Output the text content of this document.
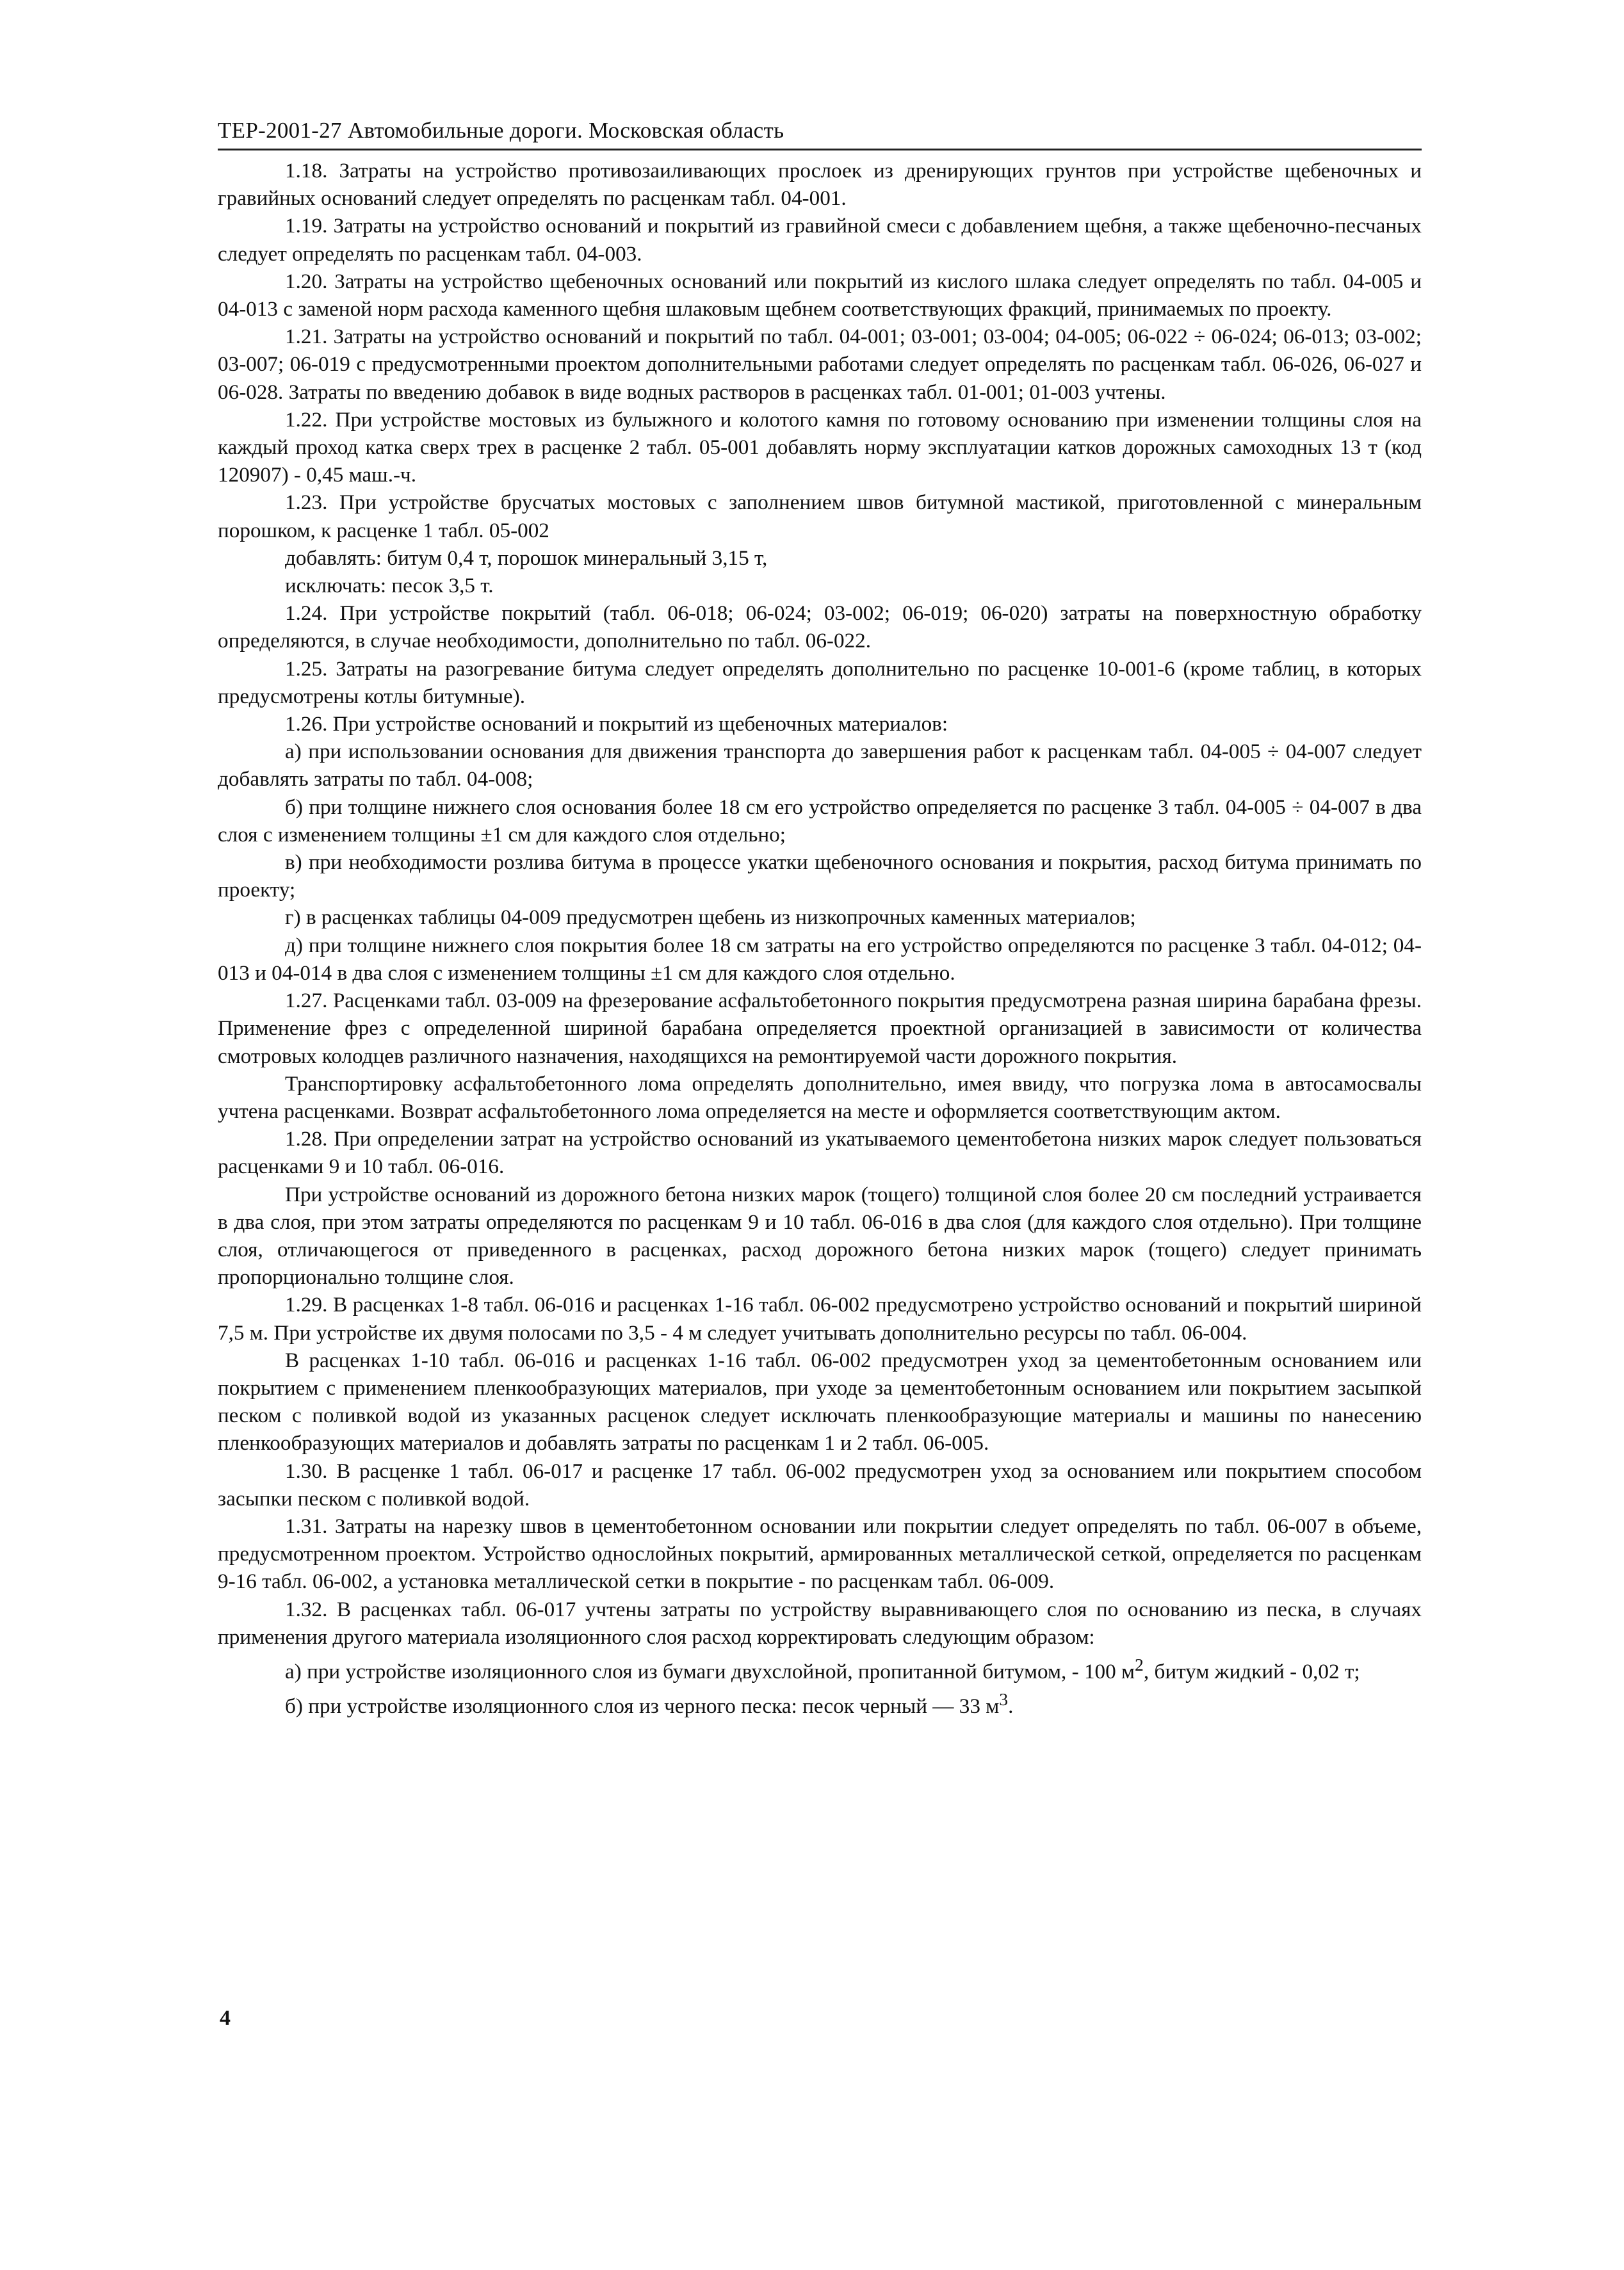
ТЕР-2001-27 Автомобильные дороги. Московская область

1.18. Затраты на устройство противозаиливающих прослоек из дренирующих грунтов при устройстве щебеночных и гравийных оснований следует определять по расценкам табл. 04-001.

1.19. Затраты на устройство оснований и покрытий из гравийной смеси с добавлением щебня, а также щебеночно-песчаных следует определять по расценкам табл. 04-003.

1.20. Затраты на устройство щебеночных оснований или покрытий из кислого шлака следует определять по табл. 04-005 и 04-013 с заменой норм расхода каменного щебня шлаковым щебнем соответствующих фракций, принимаемых по проекту.

1.21. Затраты на устройство оснований и покрытий по табл. 04-001; 03-001; 03-004; 04-005; 06-022 ÷ 06-024; 06-013; 03-002; 03-007; 06-019 с предусмотренными проектом дополнительными работами следует определять по расценкам табл. 06-026, 06-027 и 06-028. Затраты по введению добавок в виде водных растворов в расценках табл. 01-001; 01-003 учтены.

1.22. При устройстве мостовых из булыжного и колотого камня по готовому основанию при изменении толщины слоя на каждый проход катка сверх трех в расценке 2 табл. 05-001 добавлять норму эксплуатации катков дорожных самоходных 13 т (код 120907) - 0,45 маш.-ч.

1.23. При устройстве брусчатых мостовых с заполнением швов битумной мастикой, приготовленной с минеральным порошком, к расценке 1 табл. 05-002

добавлять: битум 0,4 т, порошок минеральный 3,15 т,

исключать: песок 3,5 т.

1.24. При устройстве покрытий (табл. 06-018; 06-024; 03-002; 06-019; 06-020) затраты на поверхностную обработку определяются, в случае необходимости, дополнительно по табл. 06-022.

1.25. Затраты на разогревание битума следует определять дополнительно по расценке 10-001-6 (кроме таблиц, в которых предусмотрены котлы битумные).

1.26. При устройстве оснований и покрытий из щебеночных материалов:

а) при использовании основания для движения транспорта до завершения работ к расценкам табл. 04-005 ÷ 04-007 следует добавлять затраты по табл. 04-008;

б) при толщине нижнего слоя основания более 18 см его устройство определяется по расценке 3 табл. 04-005 ÷ 04-007 в два слоя с изменением толщины ±1 см для каждого слоя отдельно;

в) при необходимости розлива битума в процессе укатки щебеночного основания и покрытия, расход битума принимать по проекту;

г) в расценках таблицы 04-009 предусмотрен щебень из низкопрочных каменных материалов;

д) при толщине нижнего слоя покрытия более 18 см затраты на его устройство определяются по расценке 3 табл. 04-012; 04-013 и 04-014 в два слоя с изменением толщины ±1 см для каждого слоя отдельно.

1.27. Расценками табл. 03-009 на фрезерование асфальтобетонного покрытия предусмотрена разная ширина барабана фрезы. Применение фрез с определенной шириной барабана определяется проектной организацией в зависимости от количества смотровых колодцев различного назначения, находящихся на ремонтируемой части дорожного покрытия.

Транспортировку асфальтобетонного лома определять дополнительно, имея ввиду, что погрузка лома в автосамосвалы учтена расценками. Возврат асфальтобетонного лома определяется на месте и оформляется соответствующим актом.

1.28. При определении затрат на устройство оснований из укатываемого цементобетона низких марок следует пользоваться расценками 9 и 10 табл. 06-016.

При устройстве оснований из дорожного бетона низких марок (тощего) толщиной слоя более 20 см последний устраивается в два слоя, при этом затраты определяются по расценкам 9 и 10 табл. 06-016 в два слоя (для каждого слоя отдельно). При толщине слоя, отличающегося от приведенного в расценках, расход дорожного бетона низких марок (тощего) следует принимать пропорционально толщине слоя.

1.29. В расценках 1-8 табл. 06-016 и расценках 1-16 табл. 06-002 предусмотрено устройство оснований и покрытий шириной 7,5 м. При устройстве их двумя полосами по 3,5 - 4 м следует учитывать дополнительно ресурсы по табл. 06-004.

В расценках 1-10 табл. 06-016 и расценках 1-16 табл. 06-002 предусмотрен уход за цементобетонным основанием или покрытием с применением пленкообразующих материалов, при уходе за цементобетонным основанием или покрытием засыпкой песком с поливкой водой из указанных расценок следует исключать пленкообразующие материалы и машины по нанесению пленкообразующих материалов и добавлять затраты по расценкам 1 и 2 табл. 06-005.

1.30. В расценке 1 табл. 06-017 и расценке 17 табл. 06-002 предусмотрен уход за основанием или покрытием способом засыпки песком с поливкой водой.

1.31. Затраты на нарезку швов в цементобетонном основании или покрытии следует определять по табл. 06-007 в объеме, предусмотренном проектом. Устройство однослойных покрытий, армированных металлической сеткой, определяется по расценкам 9-16 табл. 06-002, а установка металлической сетки в покрытие - по расценкам табл. 06-009.

1.32. В расценках табл. 06-017 учтены затраты по устройству выравнивающего слоя по основанию из песка, в случаях применения другого материала изоляционного слоя расход корректировать следующим образом:

а) при устройстве изоляционного слоя из бумаги двухслойной, пропитанной битумом, - 100 $м^2$, битум жидкий - 0,02 т;

б) при устройстве изоляционного слоя из черного песка: песок черный — 33 $м^3$.

4
